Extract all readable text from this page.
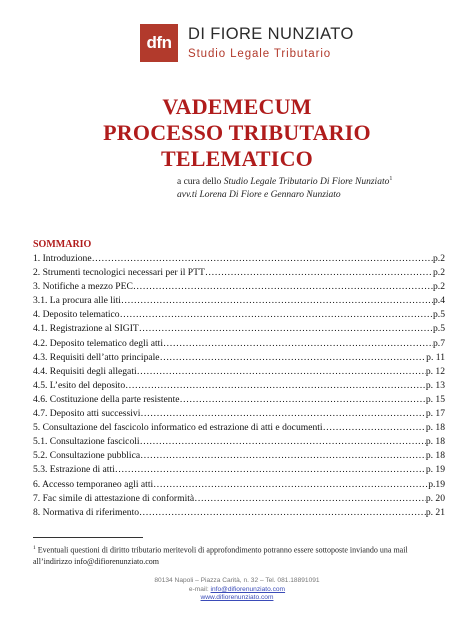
dfn	DI FIORE NUNZIATO
Studio Legale Tributario
VADEMECUM
PROCESSO TRIBUTARIO
TELEMATICO
a cura dello Studio Legale Tributario Di Fiore Nunziato$^1$
avv.ti Lorena Di Fiore e Gennaro Nunziato
SOMMARIO
1. Introduzione ……………………………………………………………………………………………………………………………………………………	p.2
2. Strumenti tecnologici necessari per il PTT ……………………………………………………………………………………………………………………………………………………	p.2
3. Notifiche a mezzo PEC ……………………………………………………………………………………………………………………………………………………	p.2
3.1. La procura alle liti ……………………………………………………………………………………………………………………………………………………	p.4
4. Deposito telematico ……………………………………………………………………………………………………………………………………………………	p.5
4.1. Registrazione al SIGIT ……………………………………………………………………………………………………………………………………………………	p.5
4.2. Deposito telematico degli atti ……………………………………………………………………………………………………………………………………………………	p.7
4.3. Requisiti dell’atto principale ……………………………………………………………………………………………………………………………………………………	p. 11
4.4. Requisiti degli allegati ……………………………………………………………………………………………………………………………………………………	p. 12
4.5. L’esito del deposito ……………………………………………………………………………………………………………………………………………………	p. 13
4.6. Costituzione della parte resistente ……………………………………………………………………………………………………………………………………………………	p. 15
4.7. Deposito atti successivi ……………………………………………………………………………………………………………………………………………………	p. 17
5. Consultazione del fascicolo informatico ed estrazione di atti e documenti ……………………………………………………………………………………………………………………………………………………	p. 18
5.1. Consultazione fascicoli ……………………………………………………………………………………………………………………………………………………	p. 18
5.2. Consultazione pubblica ……………………………………………………………………………………………………………………………………………………	p. 18
5.3. Estrazione di atti ……………………………………………………………………………………………………………………………………………………	p. 19
6. Accesso temporaneo agli atti ……………………………………………………………………………………………………………………………………………………	p.19
7. Fac simile di attestazione di conformità ……………………………………………………………………………………………………………………………………………………	p. 20
8. Normativa di riferimento ……………………………………………………………………………………………………………………………………………………	p. 21
$^1$ Eventuali questioni di diritto tributario meritevoli di approfondimento potranno essere sottoposte inviando una mail all’indirizzo info@difiorenunziato.com
80134 Napoli – Piazza Carità, n. 32 – Tel. 081.18891091
e-mail: info@difiorenunziato.com
www.difiorenunziato.com
